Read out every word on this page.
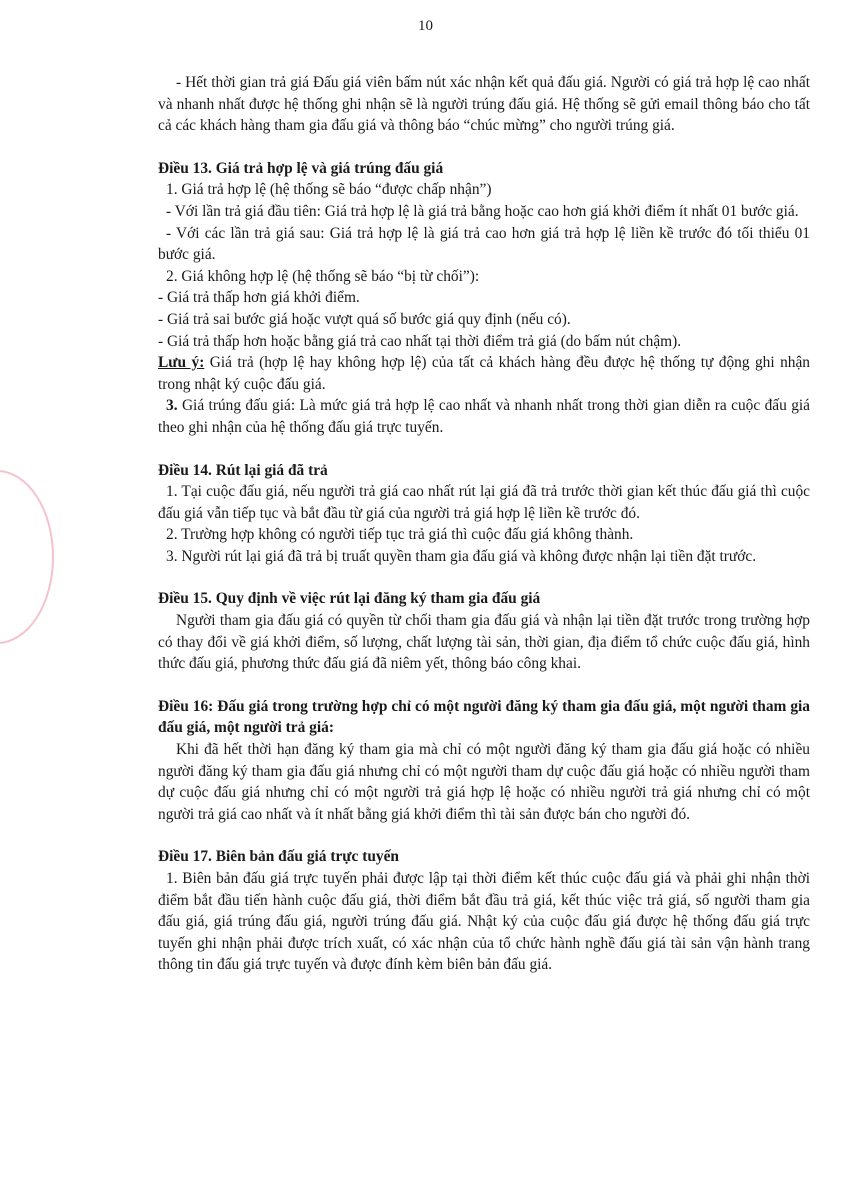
10

- Hết thời gian trả giá Đấu giá viên bấm nút xác nhận kết quả đấu giá. Người có giá trả hợp lệ cao nhất và nhanh nhất được hệ thống ghi nhận sẽ là người trúng đấu giá. Hệ thống sẽ gửi email thông báo cho tất cả các khách hàng tham gia đấu giá và thông báo “chúc mừng” cho người trúng giá.

Điều 13. Giá trả hợp lệ và giá trúng đấu giá

1. Giá trả hợp lệ (hệ thống sẽ báo “được chấp nhận”)

- Với lần trả giá đầu tiên: Giá trả hợp lệ là giá trả bằng hoặc cao hơn giá khởi điểm ít nhất 01 bước giá.

- Với các lần trả giá sau: Giá trả hợp lệ là giá trả cao hơn giá trả hợp lệ liền kề trước đó tối thiểu 01 bước giá.

2. Giá không hợp lệ (hệ thống sẽ báo “bị từ chối”):

- Giá trả thấp hơn giá khởi điểm.

- Giá trả sai bước giá hoặc vượt quá số bước giá quy định (nếu có).

- Giá trả thấp hơn hoặc bằng giá trả cao nhất tại thời điểm trả giá (do bấm nút chậm).

Lưu ý: Giá trả (hợp lệ hay không hợp lệ) của tất cả khách hàng đều được hệ thống tự động ghi nhận trong nhật ký cuộc đấu giá.

3. Giá trúng đấu giá: Là mức giá trả hợp lệ cao nhất và nhanh nhất trong thời gian diễn ra cuộc đấu giá theo ghi nhận của hệ thống đấu giá trực tuyến.

Điều 14. Rút lại giá đã trả

1. Tại cuộc đấu giá, nếu người trả giá cao nhất rút lại giá đã trả trước thời gian kết thúc đấu giá thì cuộc đấu giá vẫn tiếp tục và bắt đầu từ giá của người trả giá hợp lệ liền kề trước đó.

2. Trường hợp không có người tiếp tục trả giá thì cuộc đấu giá không thành.

3. Người rút lại giá đã trả bị truất quyền tham gia đấu giá và không được nhận lại tiền đặt trước.

Điều 15. Quy định về việc rút lại đăng ký tham gia đấu giá

Người tham gia đấu giá có quyền từ chối tham gia đấu giá và nhận lại tiền đặt trước trong trường hợp có thay đổi về giá khởi điểm, số lượng, chất lượng tài sản, thời gian, địa điểm tổ chức cuộc đấu giá, hình thức đấu giá, phương thức đấu giá đã niêm yết, thông báo công khai.

Điều 16: Đấu giá trong trường hợp chỉ có một người đăng ký tham gia đấu giá, một người tham gia đấu giá, một người trả giá:

Khi đã hết thời hạn đăng ký tham gia mà chỉ có một người đăng ký tham gia đấu giá hoặc có nhiều người đăng ký tham gia đấu giá nhưng chỉ có một người tham dự cuộc đấu giá hoặc có nhiều người tham dự cuộc đấu giá nhưng chỉ có một người trả giá hợp lệ hoặc có nhiều người trả giá nhưng chỉ có một người trả giá cao nhất và ít nhất bằng giá khởi điểm thì tài sản được bán cho người đó.

Điều 17. Biên bản đấu giá trực tuyến

1. Biên bản đấu giá trực tuyến phải được lập tại thời điểm kết thúc cuộc đấu giá và phải ghi nhận thời điểm bắt đầu tiến hành cuộc đấu giá, thời điểm bắt đầu trả giá, kết thúc việc trả giá, số người tham gia đấu giá, giá trúng đấu giá, người trúng đấu giá. Nhật ký của cuộc đấu giá được hệ thống đấu giá trực tuyến ghi nhận phải được trích xuất, có xác nhận của tổ chức hành nghề đấu giá tài sản vận hành trang thông tin đấu giá trực tuyến và được đính kèm biên bản đấu giá.
